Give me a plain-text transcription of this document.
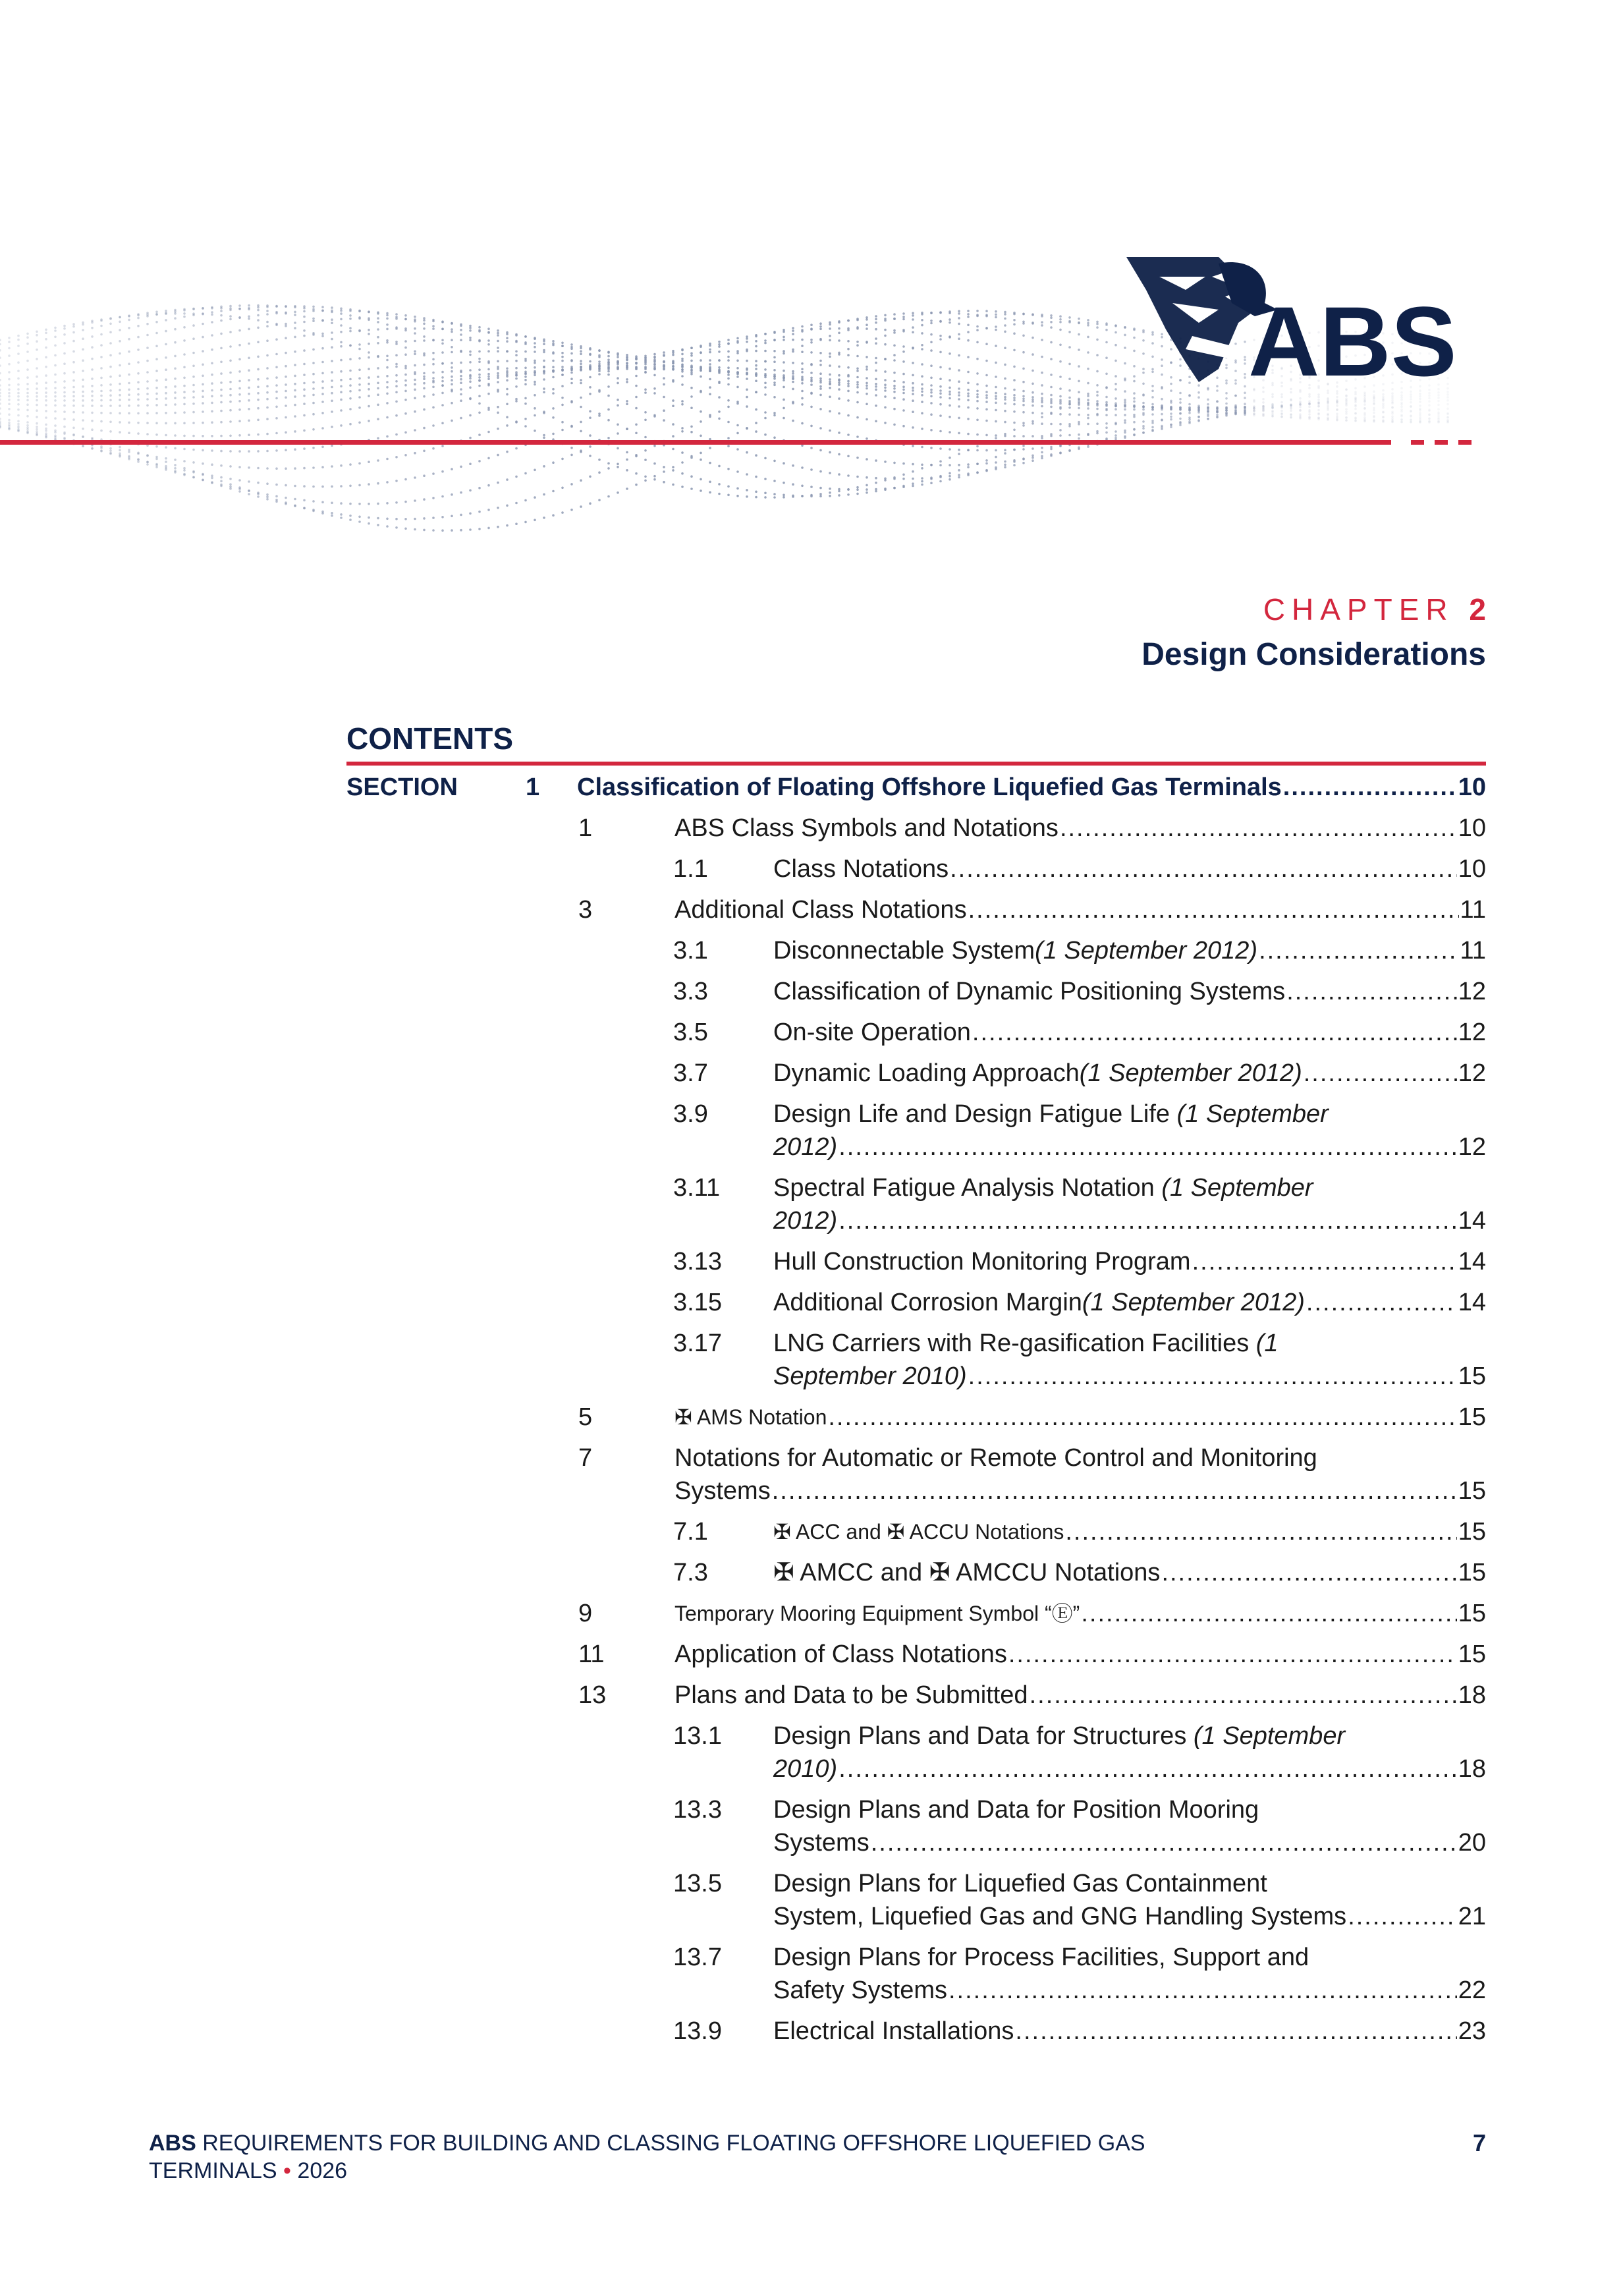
ABS
CHAPTER 2
Design Considerations
CONTENTS
SECTION	1 Classification of Floating Offshore Liquefied Gas Terminals .....	10
1	ABS Class Symbols and Notations .....	10
1.1	Class Notations .....	10
3	Additional Class Notations .....	11
3.1	Disconnectable System (1 September 2012) .....	11
3.3	Classification of Dynamic Positioning Systems .....	12
3.5	On-site Operation .....	12
3.7	Dynamic Loading Approach (1 September 2012) .....	12
3.9	Design Life and Design Fatigue Life (1 September
2012) .....	12
3.11 Spectral Fatigue Analysis Notation (1 September
2012) .....	14
3.13 Hull Construction Monitoring Program .....	14
3.15 Additional Corrosion Margin (1 September 2012) .....	14
3.17 LNG Carriers with Re-gasification Facilities (1
September 2010) .....	15
5	✠ AMS Notation .....	15
7	Notations for Automatic or Remote Control and Monitoring
Systems .....	15
7.1	✠ ACC and ✠ ACCU Notations .....	15
7.3	✠ AMCC and ✠ AMCCU Notations .....	15
9	Temporary Mooring Equipment Symbol “Ⓔ” .....	15
11	Application of Class Notations .....	15
13	Plans and Data to be Submitted .....	18
13.1 Design Plans and Data for Structures (1 September
2010) .....	18
13.3 Design Plans and Data for Position Mooring
Systems .....	20
13.5 Design Plans for Liquefied Gas Containment
System, Liquefied Gas and GNG Handling Systems .....	21
13.7 Design Plans for Process Facilities, Support and
Safety Systems .....	22
13.9 Electrical Installations .....	23
ABS REQUIREMENTS FOR BUILDING AND CLASSING FLOATING OFFSHORE LIQUEFIED GAS
TERMINALS • 2026
7
